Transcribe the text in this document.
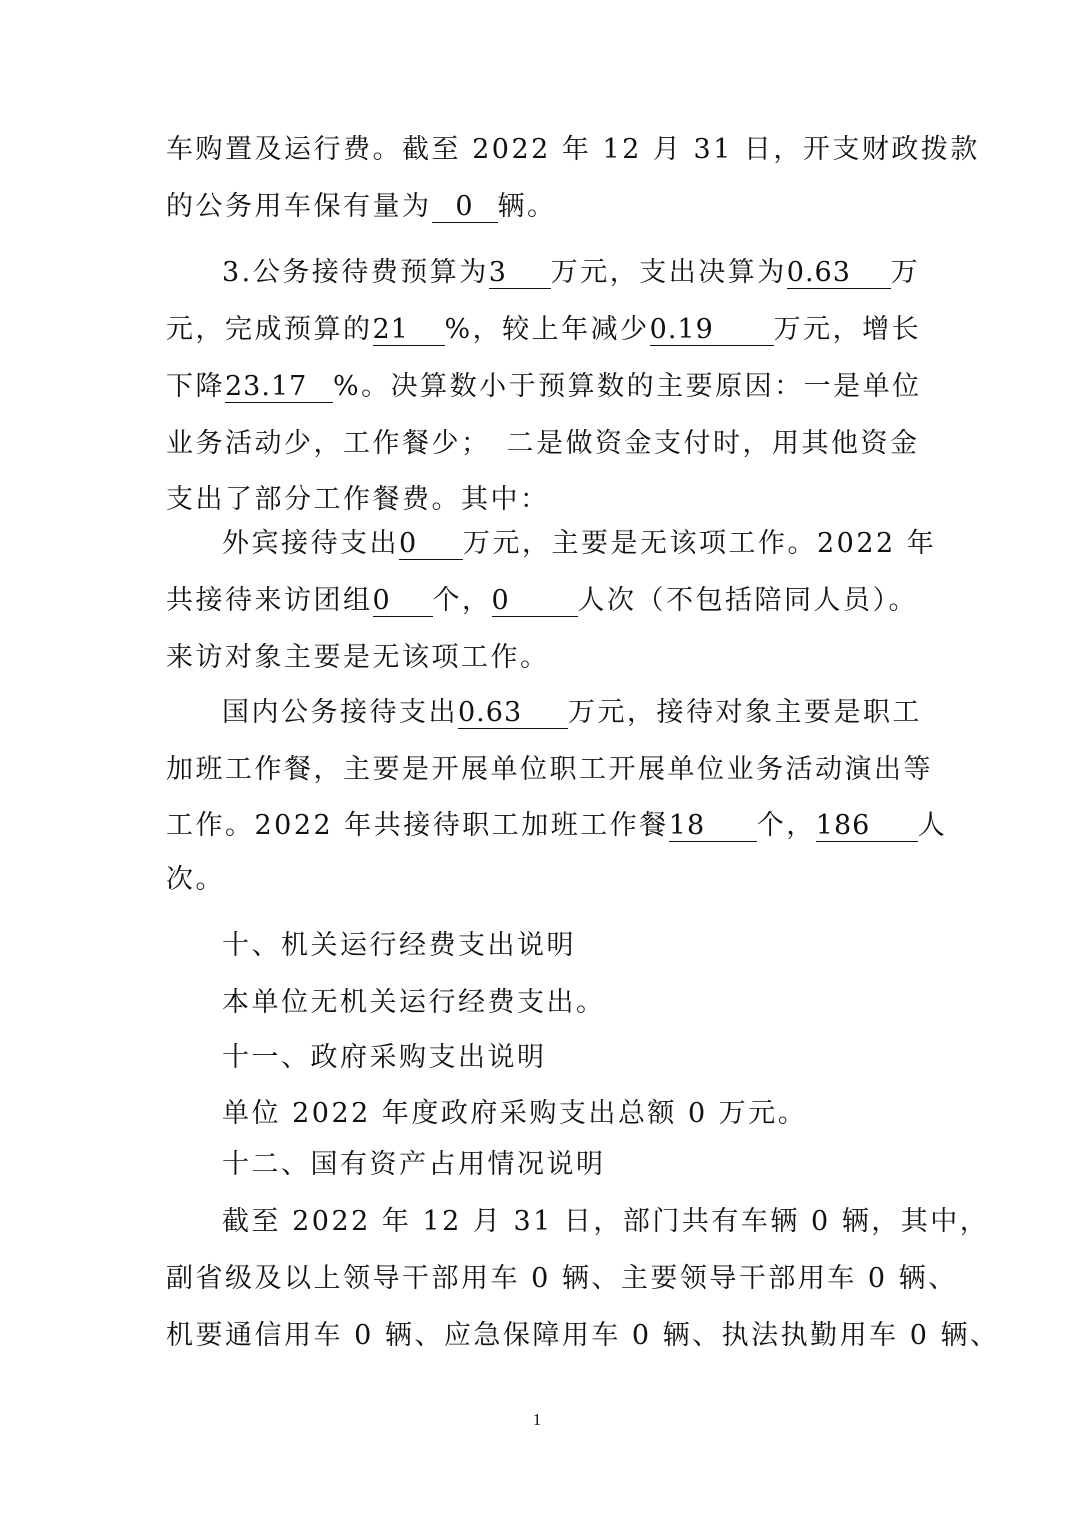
车购置及运行费。截至 2022 年 12 月 31 日，开支财政拨款
的公务用车保有量为 0 辆。
3.公务接待费预算为3 万元，支出决算为0.63 万
元，完成预算的21 %，较上年减少0.19 万元，增长
下降23.17 %。决算数小于预算数的主要原因：一是单位
业务活动少，工作餐少；　二是做资金支付时，用其他资金
支出了部分工作餐费。其中：
外宾接待支出0 万元，主要是无该项工作。2022 年
共接待来访团组0 个，0	人次（不包括陪同人员）。
来访对象主要是无该项工作。
国内公务接待支出0.63 万元，接待对象主要是职工
加班工作餐，主要是开展单位职工开展单位业务活动演出等
工作。2022 年共接待职工加班工作餐18 个，186 人
次。
十、机关运行经费支出说明
本单位无机关运行经费支出。
十一、政府采购支出说明
单位 2022 年度政府采购支出总额 0 万元。
十二、国有资产占用情况说明
截至 2022 年 12 月 31 日，部门共有车辆 0 辆，其中，
副省级及以上领导干部用车 0 辆、主要领导干部用车 0 辆、
机要通信用车 0 辆、应急保障用车 0 辆、执法执勤用车 0 辆、
1
